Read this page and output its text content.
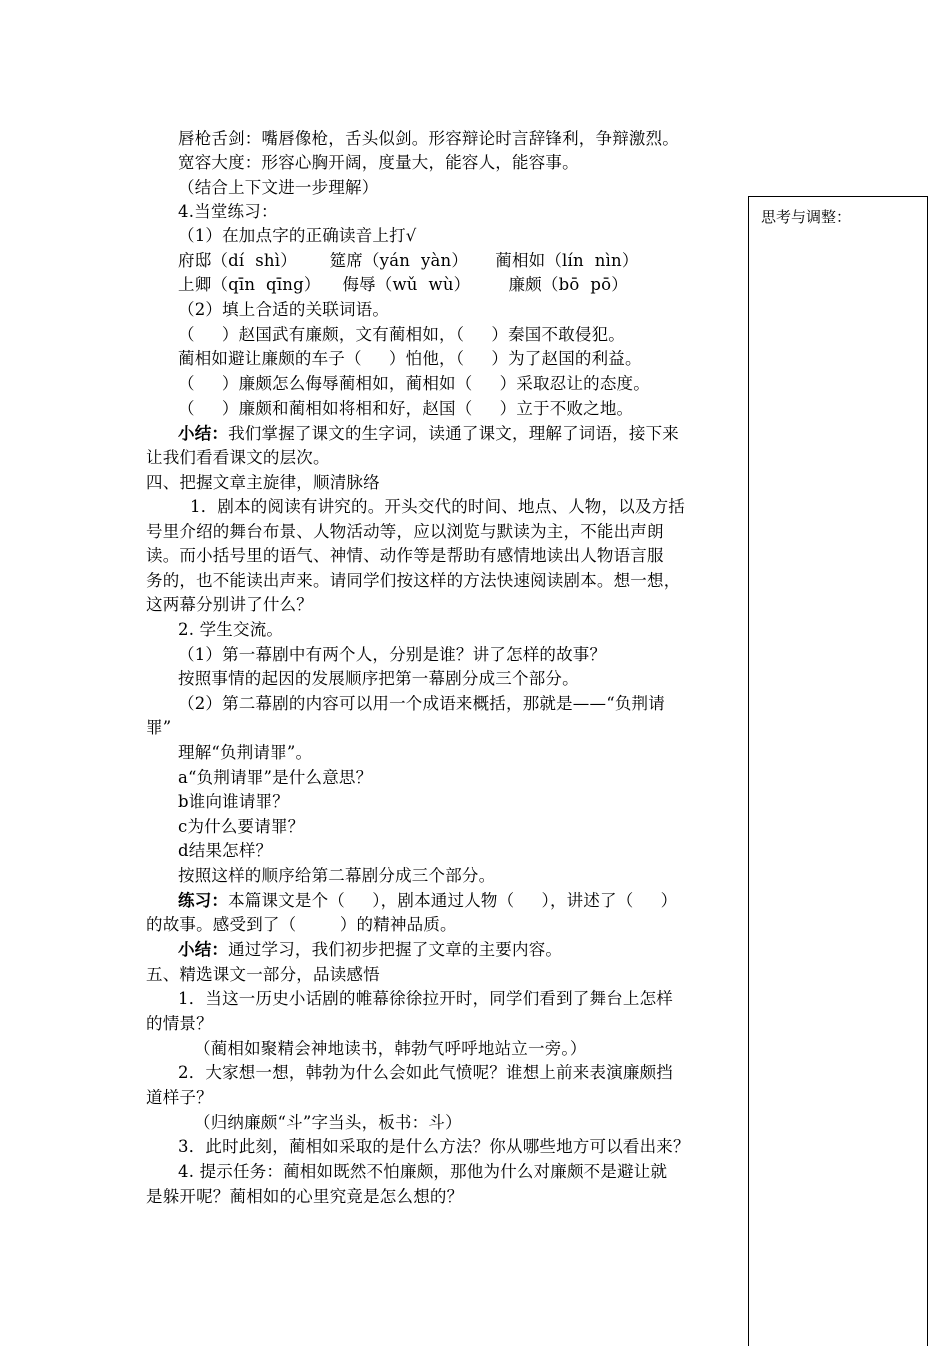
思考与调整：
唇枪舌剑：嘴唇像枪，舌头似剑。形容辩论时言辞锋利，争辩激烈。
宽容大度：形容心胸开阔，度量大，能容人，能容事。
（结合上下文进一步理解）
4.当堂练习：
（1）在加点字的正确读音上打√
府邸（dí  shì）      筵席（yán  yàn）     蔺相如（lín  nìn）
上卿（qīn  qīng）    侮辱（wǔ  wù）       廉颇（bō  pō）
（2）填上合适的关联词语。
（     ）赵国武有廉颇，文有蔺相如，（     ）秦国不敢侵犯。
蔺相如避让廉颇的车子（     ）怕他，（     ）为了赵国的利益。
（     ）廉颇怎么侮辱蔺相如，蔺相如（     ）采取忍让的态度。
（     ）廉颇和蔺相如将相和好，赵国（     ）立于不败之地。
小结：我们掌握了课文的生字词，读通了课文，理解了词语，接下来
让我们看看课文的层次。
四、把握文章主旋律，顺清脉络
1．剧本的阅读有讲究的。开头交代的时间、地点、人物，以及方括
号里介绍的舞台布景、人物活动等，应以浏览与默读为主，不能出声朗
读。而小括号里的语气、神情、动作等是帮助有感情地读出人物语言服
务的，也不能读出声来。请同学们按这样的方法快速阅读剧本。想一想，
这两幕分别讲了什么？
2. 学生交流。
（1）第一幕剧中有两个人，分别是谁？讲了怎样的故事？
按照事情的起因的发展顺序把第一幕剧分成三个部分。
（2）第二幕剧的内容可以用一个成语来概括，那就是——“负荆请
罪”
理解“负荆请罪”。
a“负荆请罪”是什么意思？
b谁向谁请罪？
c为什么要请罪？
d结果怎样？
按照这样的顺序给第二幕剧分成三个部分。
练习：本篇课文是个（     ），剧本通过人物（     ），讲述了（     ）
的故事。感受到了（        ）的精神品质。
小结：通过学习，我们初步把握了文章的主要内容。
五、精选课文一部分，品读感悟
1．当这一历史小话剧的帷幕徐徐拉开时，同学们看到了舞台上怎样
的情景？
（蔺相如聚精会神地读书，韩勃气呼呼地站立一旁。）
2．大家想一想，韩勃为什么会如此气愤呢？谁想上前来表演廉颇挡
道样子？
（归纳廉颇“斗”字当头，板书：斗）
3．此时此刻，蔺相如采取的是什么方法？你从哪些地方可以看出来？
4. 提示任务：蔺相如既然不怕廉颇，那他为什么对廉颇不是避让就
是躲开呢？蔺相如的心里究竟是怎么想的？
